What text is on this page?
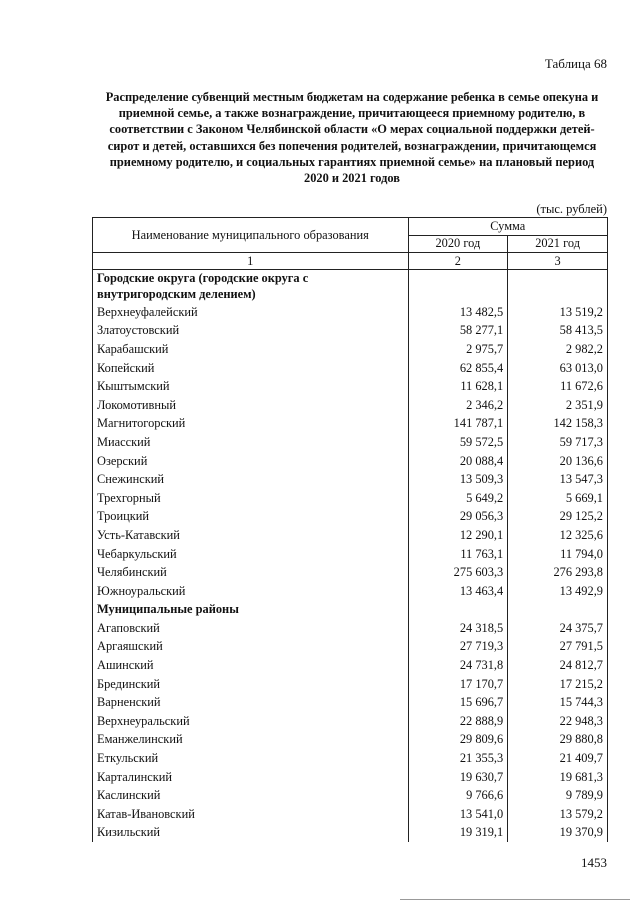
Таблица 68
Распределение субвенций местным бюджетам на содержание ребенка в семье опекуна и приемной семье, а также вознаграждение, причитающееся приемному родителю, в соответствии с Законом Челябинской области «О мерах социальной поддержки детей-сирот и детей, оставшихся без попечения родителей, вознаграждении, причитающемся приемному родителю, и социальных гарантиях приемной семье» на плановый период 2020 и 2021 годов
(тыс. рублей)
Наименование муниципального образования	Сумма	
	2020 год	2021 год
1	2	3
Городские округа (городские округа с внутригородским делением)		
Верхнеуфалейский	13 482,5	13 519,2
Златоустовский	58 277,1	58 413,5
Карабашский	2 975,7	2 982,2
Копейский	62 855,4	63 013,0
Кыштымский	11 628,1	11 672,6
Локомотивный	2 346,2	2 351,9
Магнитогорский	141 787,1	142 158,3
Миасский	59 572,5	59 717,3
Озерский	20 088,4	20 136,6
Снежинский	13 509,3	13 547,3
Трехгорный	5 649,2	5 669,1
Троицкий	29 056,3	29 125,2
Усть-Катавский	12 290,1	12 325,6
Чебаркульский	11 763,1	11 794,0
Челябинский	275 603,3	276 293,8
Южноуральский	13 463,4	13 492,9
Муниципальные районы		
Агаповский	24 318,5	24 375,7
Аргаяшский	27 719,3	27 791,5
Ашинский	24 731,8	24 812,7
Брединский	17 170,7	17 215,2
Варненский	15 696,7	15 744,3
Верхнеуральский	22 888,9	22 948,3
Еманжелинский	29 809,6	29 880,8
Еткульский	21 355,3	21 409,7
Карталинский	19 630,7	19 681,3
Каслинский	9 766,6	9 789,9
Катав-Ивановский	13 541,0	13 579,2
Кизильский	19 319,1	19 370,9
1453
